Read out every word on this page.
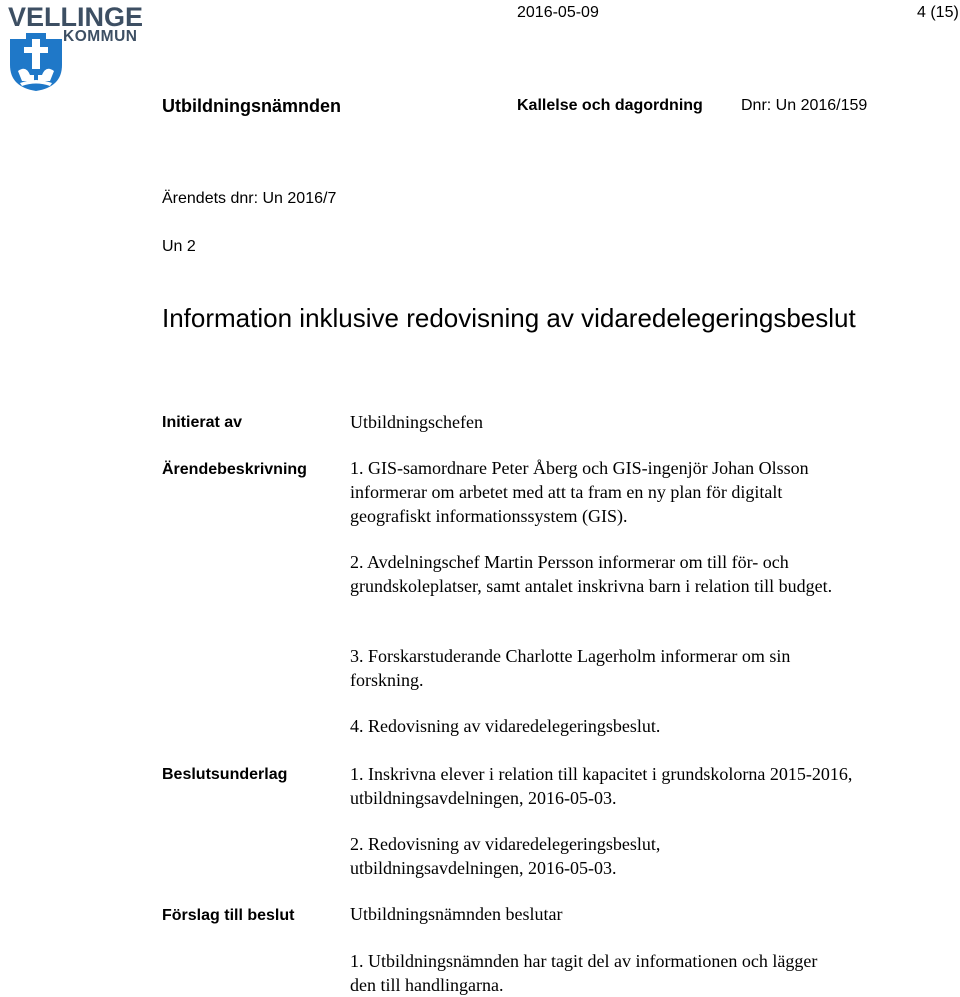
VELLINGE
KOMMUN
2016-05-09	4 (15)
Utbildningsnämnden	Kallelse och dagordning Dnr: Un 2016/159
Ärendets dnr: Un 2016/7
Un 2
Information inklusive redovisning av vidaredelegeringsbeslut
Initierat av	Utbildningschefen
Ärendebeskrivning 1. GIS-samordnare Peter Åberg och GIS-ingenjör Johan Olsson informerar om arbetet med att ta fram en ny plan för digitalt geografiskt informationssystem (GIS).
2. Avdelningschef Martin Persson informerar om till för- och grundskoleplatser, samt antalet inskrivna barn i relation till budget.
3. Forskarstuderande Charlotte Lagerholm informerar om sin forskning.
4. Redovisning av vidaredelegeringsbeslut.
Beslutsunderlag	1. Inskrivna elever i relation till kapacitet i grundskolorna 2015-2016, utbildningsavdelningen, 2016-05-03.
2. Redovisning av vidaredelegeringsbeslut, utbildningsavdelningen, 2016-05-03.
Förslag till beslut	Utbildningsnämnden beslutar
1. Utbildningsnämnden har tagit del av informationen och lägger den till handlingarna.
